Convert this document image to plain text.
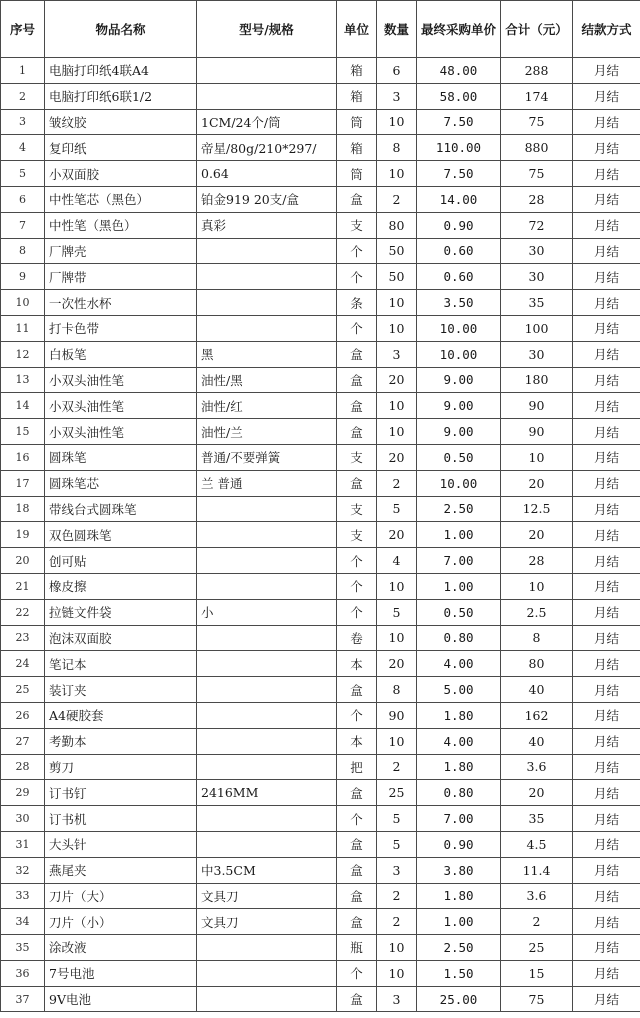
序号	物品名称	型号/规格	单位	数量	最终采购单价	合计（元）	结款方式
1	电脑打印纸4联A4		箱	6	48.00	288	月结
2	电脑打印纸6联1/2		箱	3	58.00	174	月结
3	皱纹胶	1CM/24个/筒	筒	10	7.50	75	月结
4	复印纸	帝星/80g/210*297/	箱	8	110.00	880	月结
5	小双面胶	0.64	筒	10	7.50	75	月结
6	中性笔芯（黑色）	铂金919 20支/盒	盒	2	14.00	28	月结
7	中性笔（黑色）	真彩	支	80	0.90	72	月结
8	厂牌壳		个	50	0.60	30	月结
9	厂牌带		个	50	0.60	30	月结
10	一次性水杯		条	10	3.50	35	月结
11	打卡色带		个	10	10.00	100	月结
12	白板笔	黑	盒	3	10.00	30	月结
13	小双头油性笔	油性/黑	盒	20	9.00	180	月结
14	小双头油性笔	油性/红	盒	10	9.00	90	月结
15	小双头油性笔	油性/兰	盒	10	9.00	90	月结
16	圆珠笔	普通/不要弹簧	支	20	0.50	10	月结
17	圆珠笔芯	兰 普通	盒	2	10.00	20	月结
18	带线台式圆珠笔		支	5	2.50	12.5	月结
19	双色圆珠笔		支	20	1.00	20	月结
20	创可贴		个	4	7.00	28	月结
21	橡皮擦		个	10	1.00	10	月结
22	拉链文件袋	小	个	5	0.50	2.5	月结
23	泡沫双面胶		卷	10	0.80	8	月结
24	笔记本		本	20	4.00	80	月结
25	装订夹		盒	8	5.00	40	月结
26	A4硬胶套		个	90	1.80	162	月结
27	考勤本		本	10	4.00	40	月结
28	剪刀		把	2	1.80	3.6	月结
29	订书钉	2416MM	盒	25	0.80	20	月结
30	订书机		个	5	7.00	35	月结
31	大头针		盒	5	0.90	4.5	月结
32	燕尾夹	中3.5CM	盒	3	3.80	11.4	月结
33	刀片（大）	文具刀	盒	2	1.80	3.6	月结
34	刀片（小）	文具刀	盒	2	1.00	2	月结
35	涂改液		瓶	10	2.50	25	月结
36	7号电池		个	10	1.50	15	月结
37	9V电池		盒	3	25.00	75	月结
